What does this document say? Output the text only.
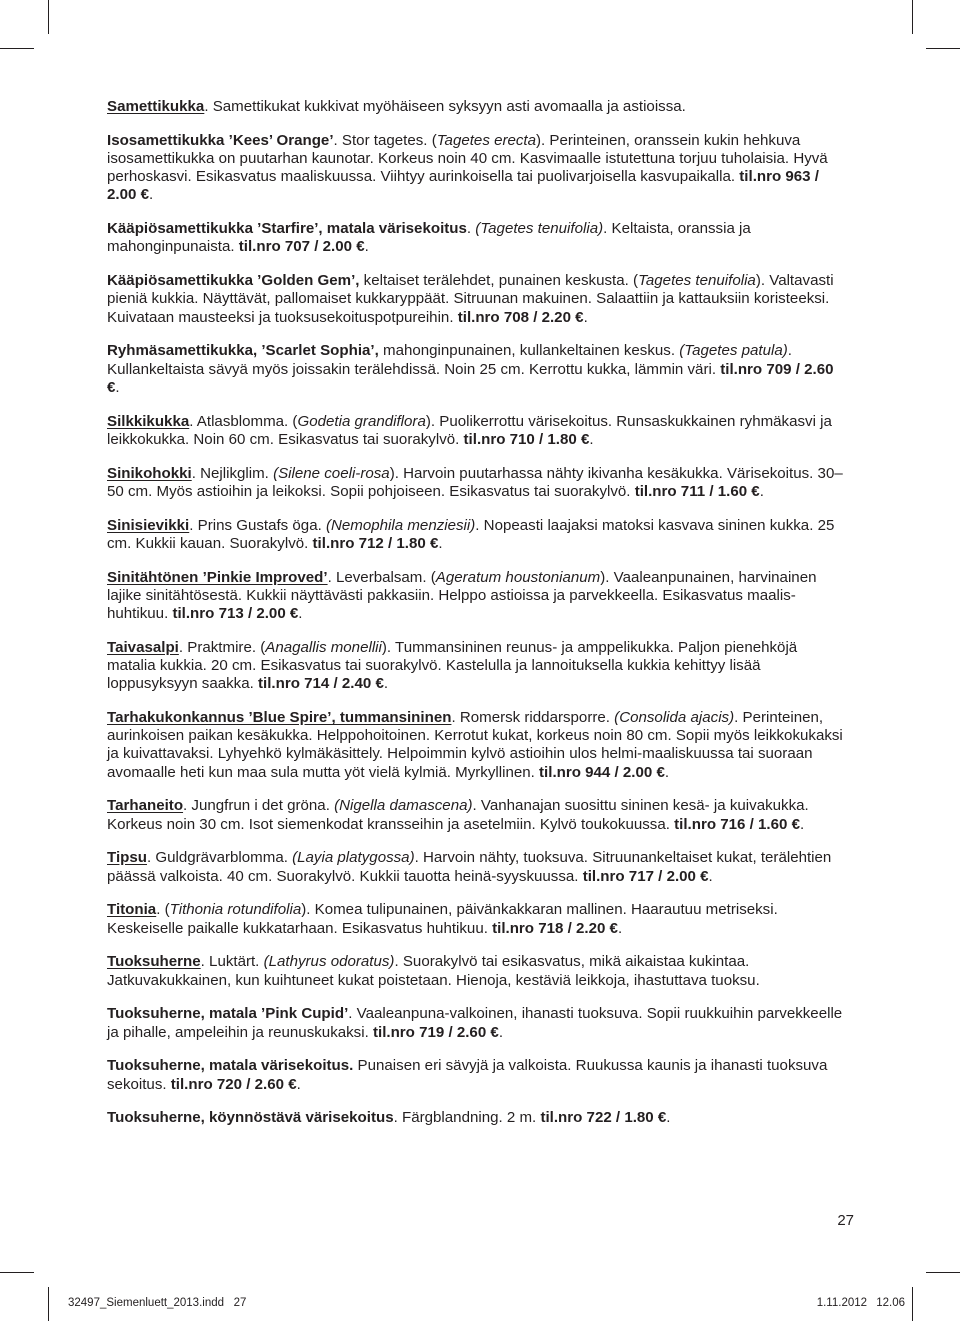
Samettikukka. Samettikukat kukkivat myöhäiseen syksyyn asti avomaalla ja astioissa.

Isosamettikukka ’Kees’ Orange’. Stor tagetes. (Tagetes erecta). Perinteinen, oranssein kukin hehkuva isosamettikukka on puutarhan kaunotar. Korkeus noin 40 cm. Kasvimaalle istutettuna torjuu tuholaisia. Hyvä perhoskasvi. Esikasvatus maaliskuussa. Viihtyy aurinkoisella tai puolivarjoisella kasvupaikalla. til.nro 963 / 2.00 €.

Kääpiösamettikukka ’Starfire’, matala värisekoitus. (Tagetes tenuifolia). Keltaista, oranssia ja mahonginpunaista. til.nro 707 / 2.00 €.

Kääpiösamettikukka ’Golden Gem’, keltaiset terälehdet, punainen keskusta. (Tagetes tenuifolia). Valtavasti pieniä kukkia. Näyttävät, pallomaiset kukkaryppäät. Sitruunan makuinen. Salaattiin ja kattauksiin koristeeksi. Kuivataan mausteeksi ja tuoksusekoituspotpureihin. til.nro 708 / 2.20 €.

Ryhmäsamettikukka, ’Scarlet Sophia’, mahonginpunainen, kullankeltainen keskus. (Tagetes patula). Kullankeltaista sävyä myös joissakin terälehdissä. Noin 25 cm. Kerrottu kukka, lämmin väri. til.nro 709 / 2.60 €.

Silkkikukka. Atlasblomma. (Godetia grandiflora). Puolikerrottu värisekoitus. Runsaskukkainen ryhmäkasvi ja leikkokukka. Noin 60 cm. Esikasvatus tai suorakylvö. til.nro 710 / 1.80 €.

Sinikohokki. Nejlikglim. (Silene coeli-rosa). Harvoin puutarhassa nähty ikivanha kesäkukka. Värisekoitus. 30–50 cm. Myös astioihin ja leikoksi. Sopii pohjoiseen. Esikasvatus tai suorakylvö. til.nro 711 / 1.60 €.

Sinisievikki. Prins Gustafs öga. (Nemophila menziesii). Nopeasti laajaksi matoksi kasvava sininen kukka. 25 cm. Kukkii kauan. Suorakylvö. til.nro 712 / 1.80 €.

Sinitähtönen ’Pinkie Improved’. Leverbalsam. (Ageratum houstonianum). Vaaleanpunainen, harvinainen lajike sinitähtösestä. Kukkii näyttävästi pakkasiin. Helppo astioissa ja parvekkeella. Esikasvatus maalis-huhtikuu. til.nro 713 / 2.00 €.

Taivasalpi. Praktmire. (Anagallis monellii). Tummansininen reunus- ja amppelikukka. Paljon pienehköjä matalia kukkia. 20 cm. Esikasvatus tai suorakylvö. Kastelulla ja lannoituksella kukkia kehittyy lisää loppusyksyyn saakka. til.nro 714 / 2.40 €.

Tarhakukonkannus ’Blue Spire’, tummansininen. Romersk riddarsporre. (Consolida ajacis). Perinteinen, aurinkoisen paikan kesäkukka. Helppohoitoinen. Kerrotut kukat, korkeus noin 80 cm. Sopii myös leikkokukaksi ja kuivattavaksi. Lyhyehkö kylmäkäsittely. Helpoimmin kylvö astioihin ulos helmi-maaliskuussa tai suoraan avomaalle heti kun maa sula mutta yöt vielä kylmiä. Myrkyllinen. til.nro 944 / 2.00 €.

Tarhaneito. Jungfrun i det gröna. (Nigella damascena). Vanhanajan suosittu sininen kesä- ja kuivakukka. Korkeus noin 30 cm. Isot siemenkodat kransseihin ja asetelmiin. Kylvö toukokuussa. til.nro 716 / 1.60 €.

Tipsu. Guldgrävarblomma. (Layia platygossa). Harvoin nähty, tuoksuva. Sitruunankeltaiset kukat, terälehtien päässä valkoista. 40 cm. Suorakylvö. Kukkii tauotta heinä-syyskuussa. til.nro 717 / 2.00 €.

Titonia. (Tithonia rotundifolia). Komea tulipunainen, päivänkakkaran mallinen. Haarautuu metriseksi. Keskeiselle paikalle kukkatarhaan. Esikasvatus huhtikuu. til.nro 718 / 2.20 €.

Tuoksuherne. Luktärt. (Lathyrus odoratus). Suorakylvö tai esikasvatus, mikä aikaistaa kukintaa. Jatkuvakukkainen, kun kuihtuneet kukat poistetaan. Hienoja, kestäviä leikkoja, ihastuttava tuoksu.

Tuoksuherne, matala ’Pink Cupid’. Vaaleanpuna-valkoinen, ihanasti tuoksuva. Sopii ruukkuihin parvekkeelle ja pihalle, ampeleihin ja reunuskukaksi. til.nro 719 / 2.60 €.

Tuoksuherne, matala värisekoitus. Punaisen eri sävyjä ja valkoista. Ruukussa kaunis ja ihanasti tuoksuva sekoitus. til.nro 720 / 2.60 €.

Tuoksuherne, köynnöstävä värisekoitus. Färgblandning. 2 m. til.nro 722 / 1.80 €.

27
32497_Siemenluett_2013.indd   27	1.11.2012 12.06
